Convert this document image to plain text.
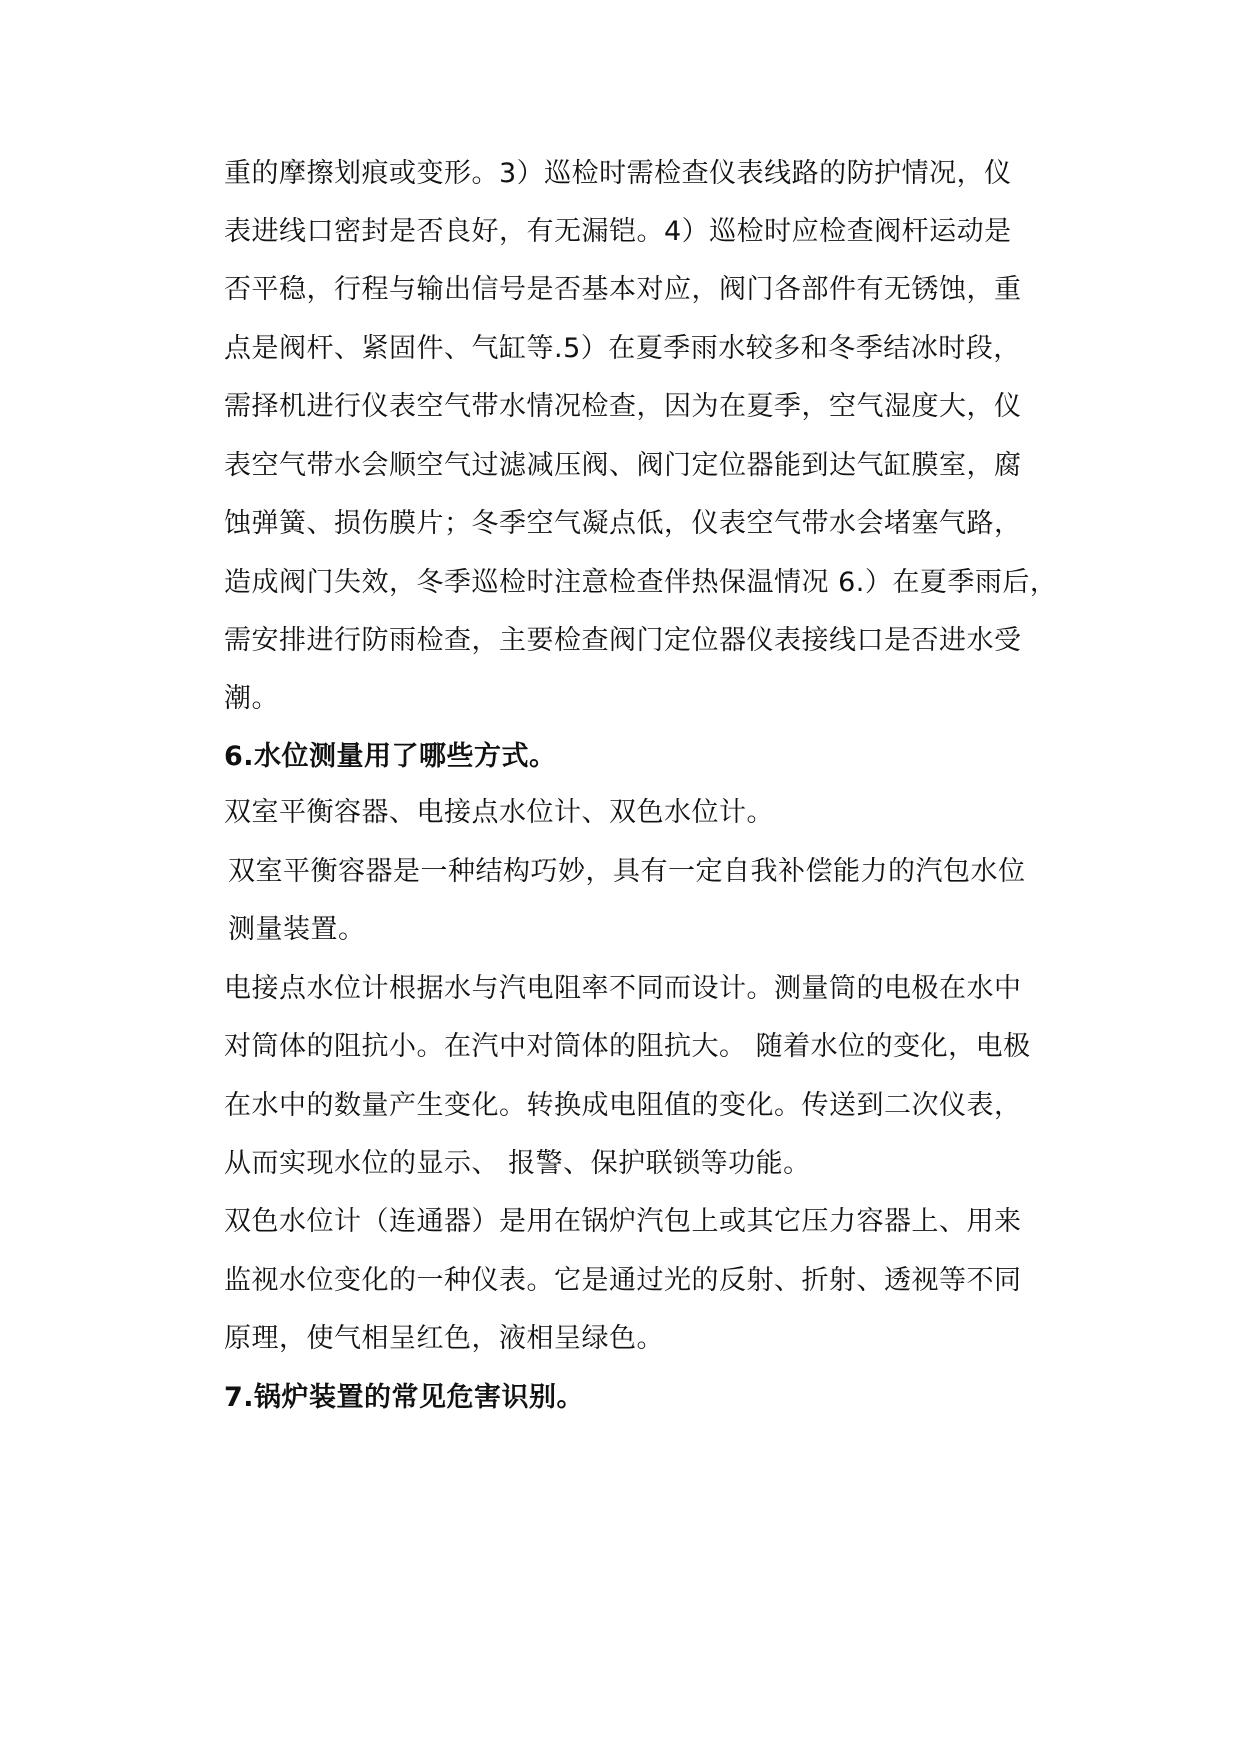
重的摩擦划痕或变形。3）巡检时需检查仪表线路的防护情况，仪
表进线口密封是否良好，有无漏铠。4）巡检时应检查阀杆运动是
否平稳，行程与输出信号是否基本对应，阀门各部件有无锈蚀，重
点是阀杆、紧固件、气缸等.5）在夏季雨水较多和冬季结冰时段，
需择机进行仪表空气带水情况检查，因为在夏季，空气湿度大，仪
表空气带水会顺空气过滤减压阀、阀门定位器能到达气缸膜室，腐
蚀弹簧、损伤膜片；冬季空气凝点低，仪表空气带水会堵塞气路，
造成阀门失效，冬季巡检时注意检查伴热保温情况 6.）在夏季雨后，
需安排进行防雨检查，主要检查阀门定位器仪表接线口是否进水受
潮。
6.水位测量用了哪些方式。
双室平衡容器、电接点水位计、双色水位计。
双室平衡容器是一种结构巧妙，具有一定自我补偿能力的汽包水位
测量装置。
电接点水位计根据水与汽电阻率不同而设计。测量筒的电极在水中
对筒体的阻抗小。在汽中对筒体的阻抗大。 随着水位的变化，电极
在水中的数量产生变化。转换成电阻值的变化。传送到二次仪表，
从而实现水位的显示、 报警、保护联锁等功能。
双色水位计（连通器）是用在锅炉汽包上或其它压力容器上、用来
监视水位变化的一种仪表。它是通过光的反射、折射、透视等不同
原理，使气相呈红色，液相呈绿色。
7.锅炉装置的常见危害识别。
